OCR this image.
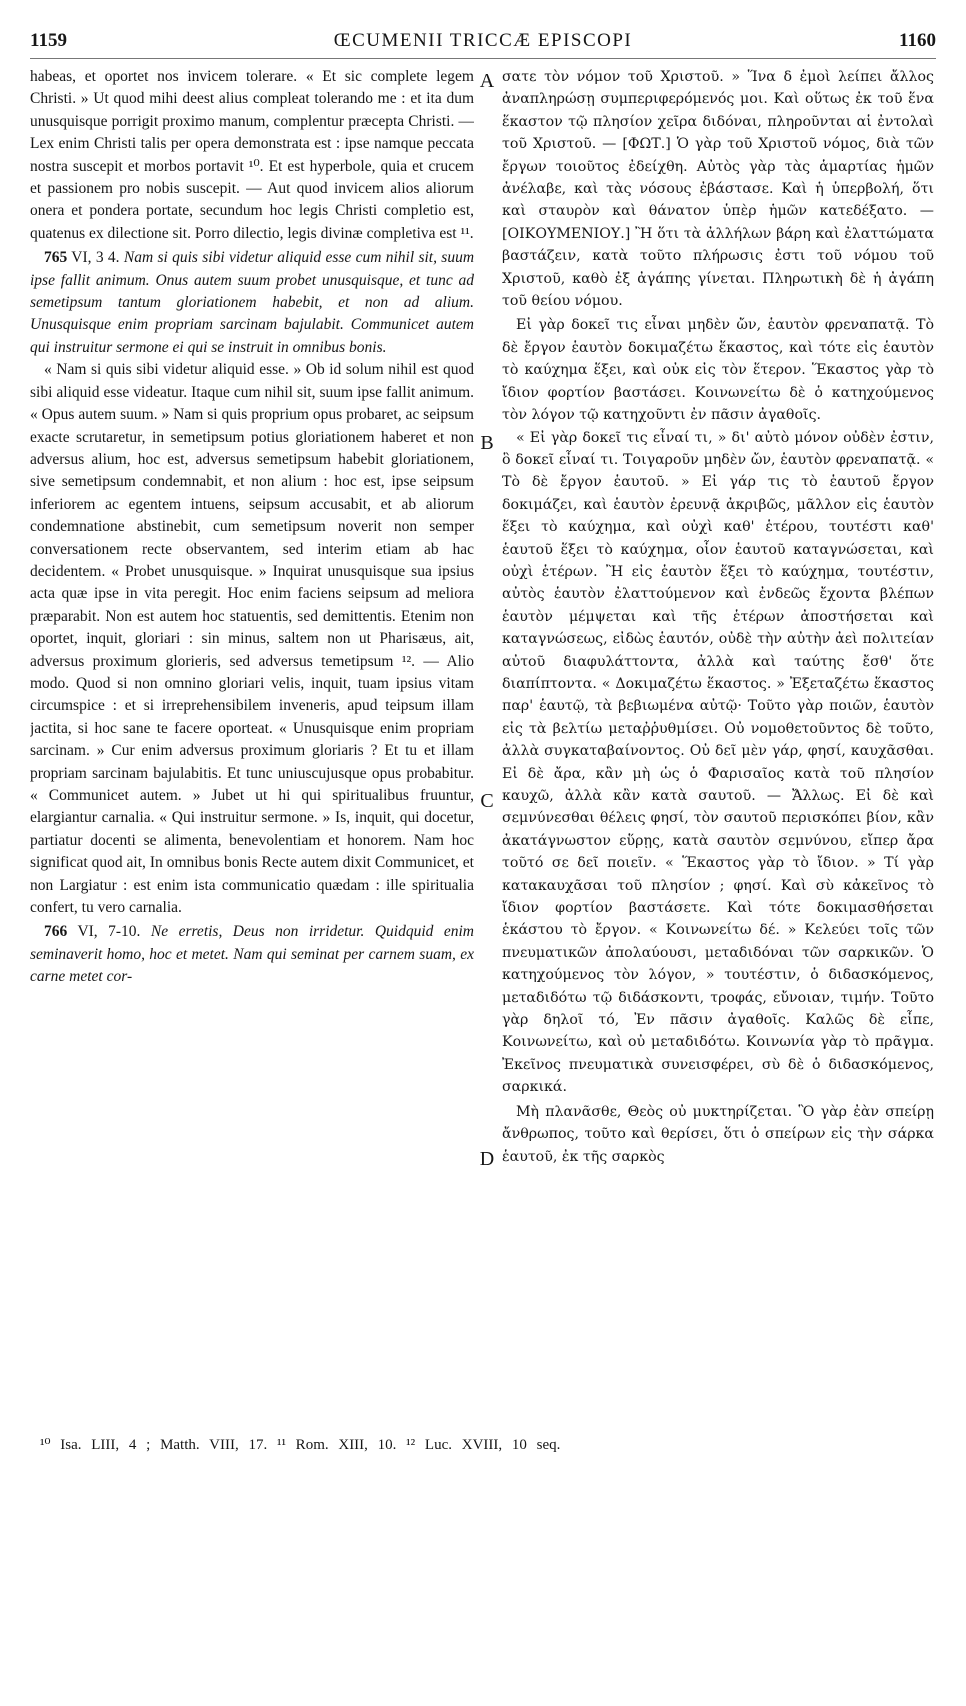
1159	ŒCUMENII TRICCÆ EPISCOPI	1160
A
B
C
D

habeas, et oportet nos invicem tolerare. « Et sic complete legem Christi. » Ut quod mihi deest alius compleat tolerando me : et ita dum unusquisque porrigit proximo manum, complentur præcepta Christi. — Lex enim Christi talis per opera demonstrata est : ipse namque peccata nostra suscepit et morbos portavit ¹⁰. Et est hyperbole, quia et crucem et passionem pro nobis suscepit. — Aut quod invicem alios aliorum onera et pondera portate, secundum hoc legis Christi completio est, quatenus ex dilectione sit. Porro dilectio, legis divinæ completiva est ¹¹.

765 VI, 3 4. Nam si quis sibi videtur aliquid esse cum nihil sit, suum ipse fallit animum. Onus autem suum probet unusquisque, et tunc ad semetipsum tantum gloriationem habebit, et non ad alium. Unusquisque enim propriam sarcinam bajulabit. Communicet autem qui instruitur sermone ei qui se instruit in omnibus bonis.

« Nam si quis sibi videtur aliquid esse. » Ob id solum nihil est quod sibi aliquid esse videatur. Itaque cum nihil sit, suum ipse fallit animum. « Opus autem suum. » Nam si quis proprium opus probaret, ac seipsum exacte scrutaretur, in semetipsum potius gloriationem haberet et non adversus alium, hoc est, adversus semetipsum habebit gloriationem, sive semetipsum condemnabit, et non alium : hoc est, ipse seipsum inferiorem ac egentem intuens, seipsum accusabit, et ab aliorum condemnatione abstinebit, cum semetipsum noverit non semper conversationem recte observantem, sed interim etiam ab hac decidentem. « Probet unusquisque. » Inquirat unusquisque sua ipsius acta quæ ipse in vita peregit. Hoc enim faciens seipsum ad meliora præparabit. Non est autem hoc statuentis, sed demittentis. Etenim non oportet, inquit, gloriari : sin minus, saltem non ut Pharisæus, ait, adversus proximum glorieris, sed adversus temetipsum ¹². — Alio modo. Quod si non omnino gloriari velis, inquit, tuam ipsius vitam circumspice : et si irreprehensibilem inveneris, apud teipsum illam jactita, si hoc sane te facere oporteat. « Unusquisque enim propriam sarcinam. » Cur enim adversus proximum gloriaris ? Et tu et illam propriam sarcinam bajulabitis. Et tunc uniuscujusque opus probabitur. « Communicet autem. » Jubet ut hi qui spiritualibus fruuntur, elargiantur carnalia. « Qui instruitur sermone. » Is, inquit, qui docetur, partiatur docenti se alimenta, benevolentiam et honorem. Nam hoc significat quod ait, In omnibus bonis Recte autem dixit Communicet, et non Largiatur : est enim ista communicatio quædam : ille spiritualia confert, tu vero carnalia.

766 VI, 7-10. Ne erretis, Deus non irridetur. Quidquid enim seminaverit homo, hoc et metet. Nam qui seminat per carnem suam, ex carne metet cor-

σατε τὸν νόμον τοῦ Χριστοῦ. » Ἵνα δ ἐμοὶ λείπει ἄλλος ἀναπληρώσῃ συμπεριφερόμενός μοι. Καὶ οὕτως ἐκ τοῦ ἕνα ἕκαστον τῷ πλησίον χεῖρα διδόναι, πληροῦνται αἱ ἐντολαὶ τοῦ Χριστοῦ. — [ΦΩΤ.] Ὁ γὰρ τοῦ Χριστοῦ νόμος, διὰ τῶν ἔργων τοιοῦτος ἐδείχθη. Αὐτὸς γὰρ τὰς ἁμαρτίας ἡμῶν ἀνέλαβε, καὶ τὰς νόσους ἐβάστασε. Καὶ ἡ ὑπερβολή, ὅτι καὶ σταυρὸν καὶ θάνατον ὑπὲρ ἡμῶν κατεδέξατο. — [ΟΙΚΟΥΜΕΝΙΟΥ.] Ἢ ὅτι τὰ ἀλλήλων βάρη καὶ ἐλαττώματα βαστάζειν, κατὰ τοῦτο πλήρωσις ἐστι τοῦ νόμου τοῦ Χριστοῦ, καθὸ ἐξ ἀγάπης γίνεται. Πληρωτικὴ δὲ ἡ ἀγάπη τοῦ θείου νόμου.

Εἰ γὰρ δοκεῖ τις εἶναι μηδὲν ὤν, ἑαυτὸν φρεναπατᾷ. Τὸ δὲ ἔργον ἑαυτὸν δοκιμαζέτω ἕκαστος, καὶ τότε εἰς ἑαυτὸν τὸ καύχημα ἕξει, καὶ οὐκ εἰς τὸν ἕτερον. Ἕκαστος γὰρ τὸ ἴδιον φορτίον βαστάσει. Κοινωνείτω δὲ ὁ κατηχούμενος τὸν λόγον τῷ κατηχοῦντι ἐν πᾶσιν ἀγαθοῖς.

« Εἰ γὰρ δοκεῖ τις εἶναί τι, » δι' αὐτὸ μόνον οὐδὲν ἐστιν, ὃ δοκεῖ εἶναί τι. Τοιγαροῦν μηδὲν ὤν, ἑαυτὸν φρεναπατᾷ. « Τὸ δὲ ἔργον ἑαυτοῦ. » Εἰ γάρ τις τὸ ἑαυτοῦ ἔργον δοκιμάζει, καὶ ἑαυτὸν ἐρευνᾷ ἀκριβῶς, μᾶλλον εἰς ἑαυτὸν ἕξει τὸ καύχημα, καὶ οὐχὶ καθ' ἑτέρου, τουτέστι καθ' ἑαυτοῦ ἕξει τὸ καύχημα, οἷον ἑαυτοῦ καταγνώσεται, καὶ οὐχὶ ἑτέρων. Ἢ εἰς ἑαυτὸν ἕξει τὸ καύχημα, τουτέστιν, αὐτὸς ἑαυτὸν ἐλαττούμενον καὶ ἐνδεῶς ἔχοντα βλέπων ἑαυτὸν μέμψεται καὶ τῆς ἑτέρων ἀποστήσεται καὶ καταγνώσεως, εἰδὼς ἑαυτόν, οὐδὲ τὴν αὐτὴν ἀεὶ πολιτείαν αὐτοῦ διαφυλάττοντα, ἀλλὰ καὶ ταύτης ἔσθ' ὅτε διαπίπτοντα. « Δοκιμαζέτω ἕκαστος. » Ἐξεταζέτω ἕκαστος παρ' ἑαυτῷ, τὰ βεβιωμένα αὐτῷ· Τοῦτο γὰρ ποιῶν, ἑαυτὸν εἰς τὰ βελτίω μεταῤῥυθμίσει. Οὐ νομοθετοῦντος δὲ τοῦτο, ἀλλὰ συγκαταβαίνοντος. Οὐ δεῖ μὲν γάρ, φησί, καυχᾶσθαι. Εἰ δὲ ἄρα, κἂν μὴ ὡς ὁ Φαρισαῖος κατὰ τοῦ πλησίον καυχῶ, ἀλλὰ κἂν κατὰ σαυτοῦ. — Ἄλλως. Εἰ δὲ καὶ σεμνύνεσθαι θέλεις φησί, τὸν σαυτοῦ περισκόπει βίον, κἂν ἀκατάγνωστον εὕρῃς, κατὰ σαυτὸν σεμνύνου, εἴπερ ἄρα τοῦτό σε δεῖ ποιεῖν. « Ἕκαστος γὰρ τὸ ἴδιον. » Τί γὰρ κατακαυχᾶσαι τοῦ πλησίον ; φησί. Καὶ σὺ κἀκεῖνος τὸ ἴδιον φορτίον βαστάσετε. Καὶ τότε δοκιμασθήσεται ἑκάστου τὸ ἔργον. « Κοινωνείτω δέ. » Κελεύει τοῖς τῶν πνευματικῶν ἀπολαύουσι, μεταδιδόναι τῶν σαρκικῶν. Ὁ κατηχούμενος τὸν λόγον, » τουτέστιν, ὁ διδασκόμενος, μεταδιδότω τῷ διδάσκοντι, τροφάς, εὔνοιαν, τιμήν. Τοῦτο γὰρ δηλοῖ τό, Ἐν πᾶσιν ἀγαθοῖς. Καλῶς δὲ εἶπε, Κοινωνείτω, καὶ οὐ μεταδιδότω. Κοινωνία γὰρ τὸ πρᾶγμα. Ἐκεῖνος πνευματικὰ συνεισφέρει, σὺ δὲ ὁ διδασκόμενος, σαρκικά.

Μὴ πλανᾶσθε, Θεὸς οὐ μυκτηρίζεται. Ὃ γὰρ ἐὰν σπείρῃ ἄνθρωπος, τοῦτο καὶ θερίσει, ὅτι ὁ σπείρων εἰς τὴν σάρκα ἑαυτοῦ, ἐκ τῆς σαρκὸς

¹⁰ Isa. LIII, 4 ; Matth. VIII, 17. ¹¹ Rom. XIII, 10. ¹² Luc. XVIII, 10 seq.
